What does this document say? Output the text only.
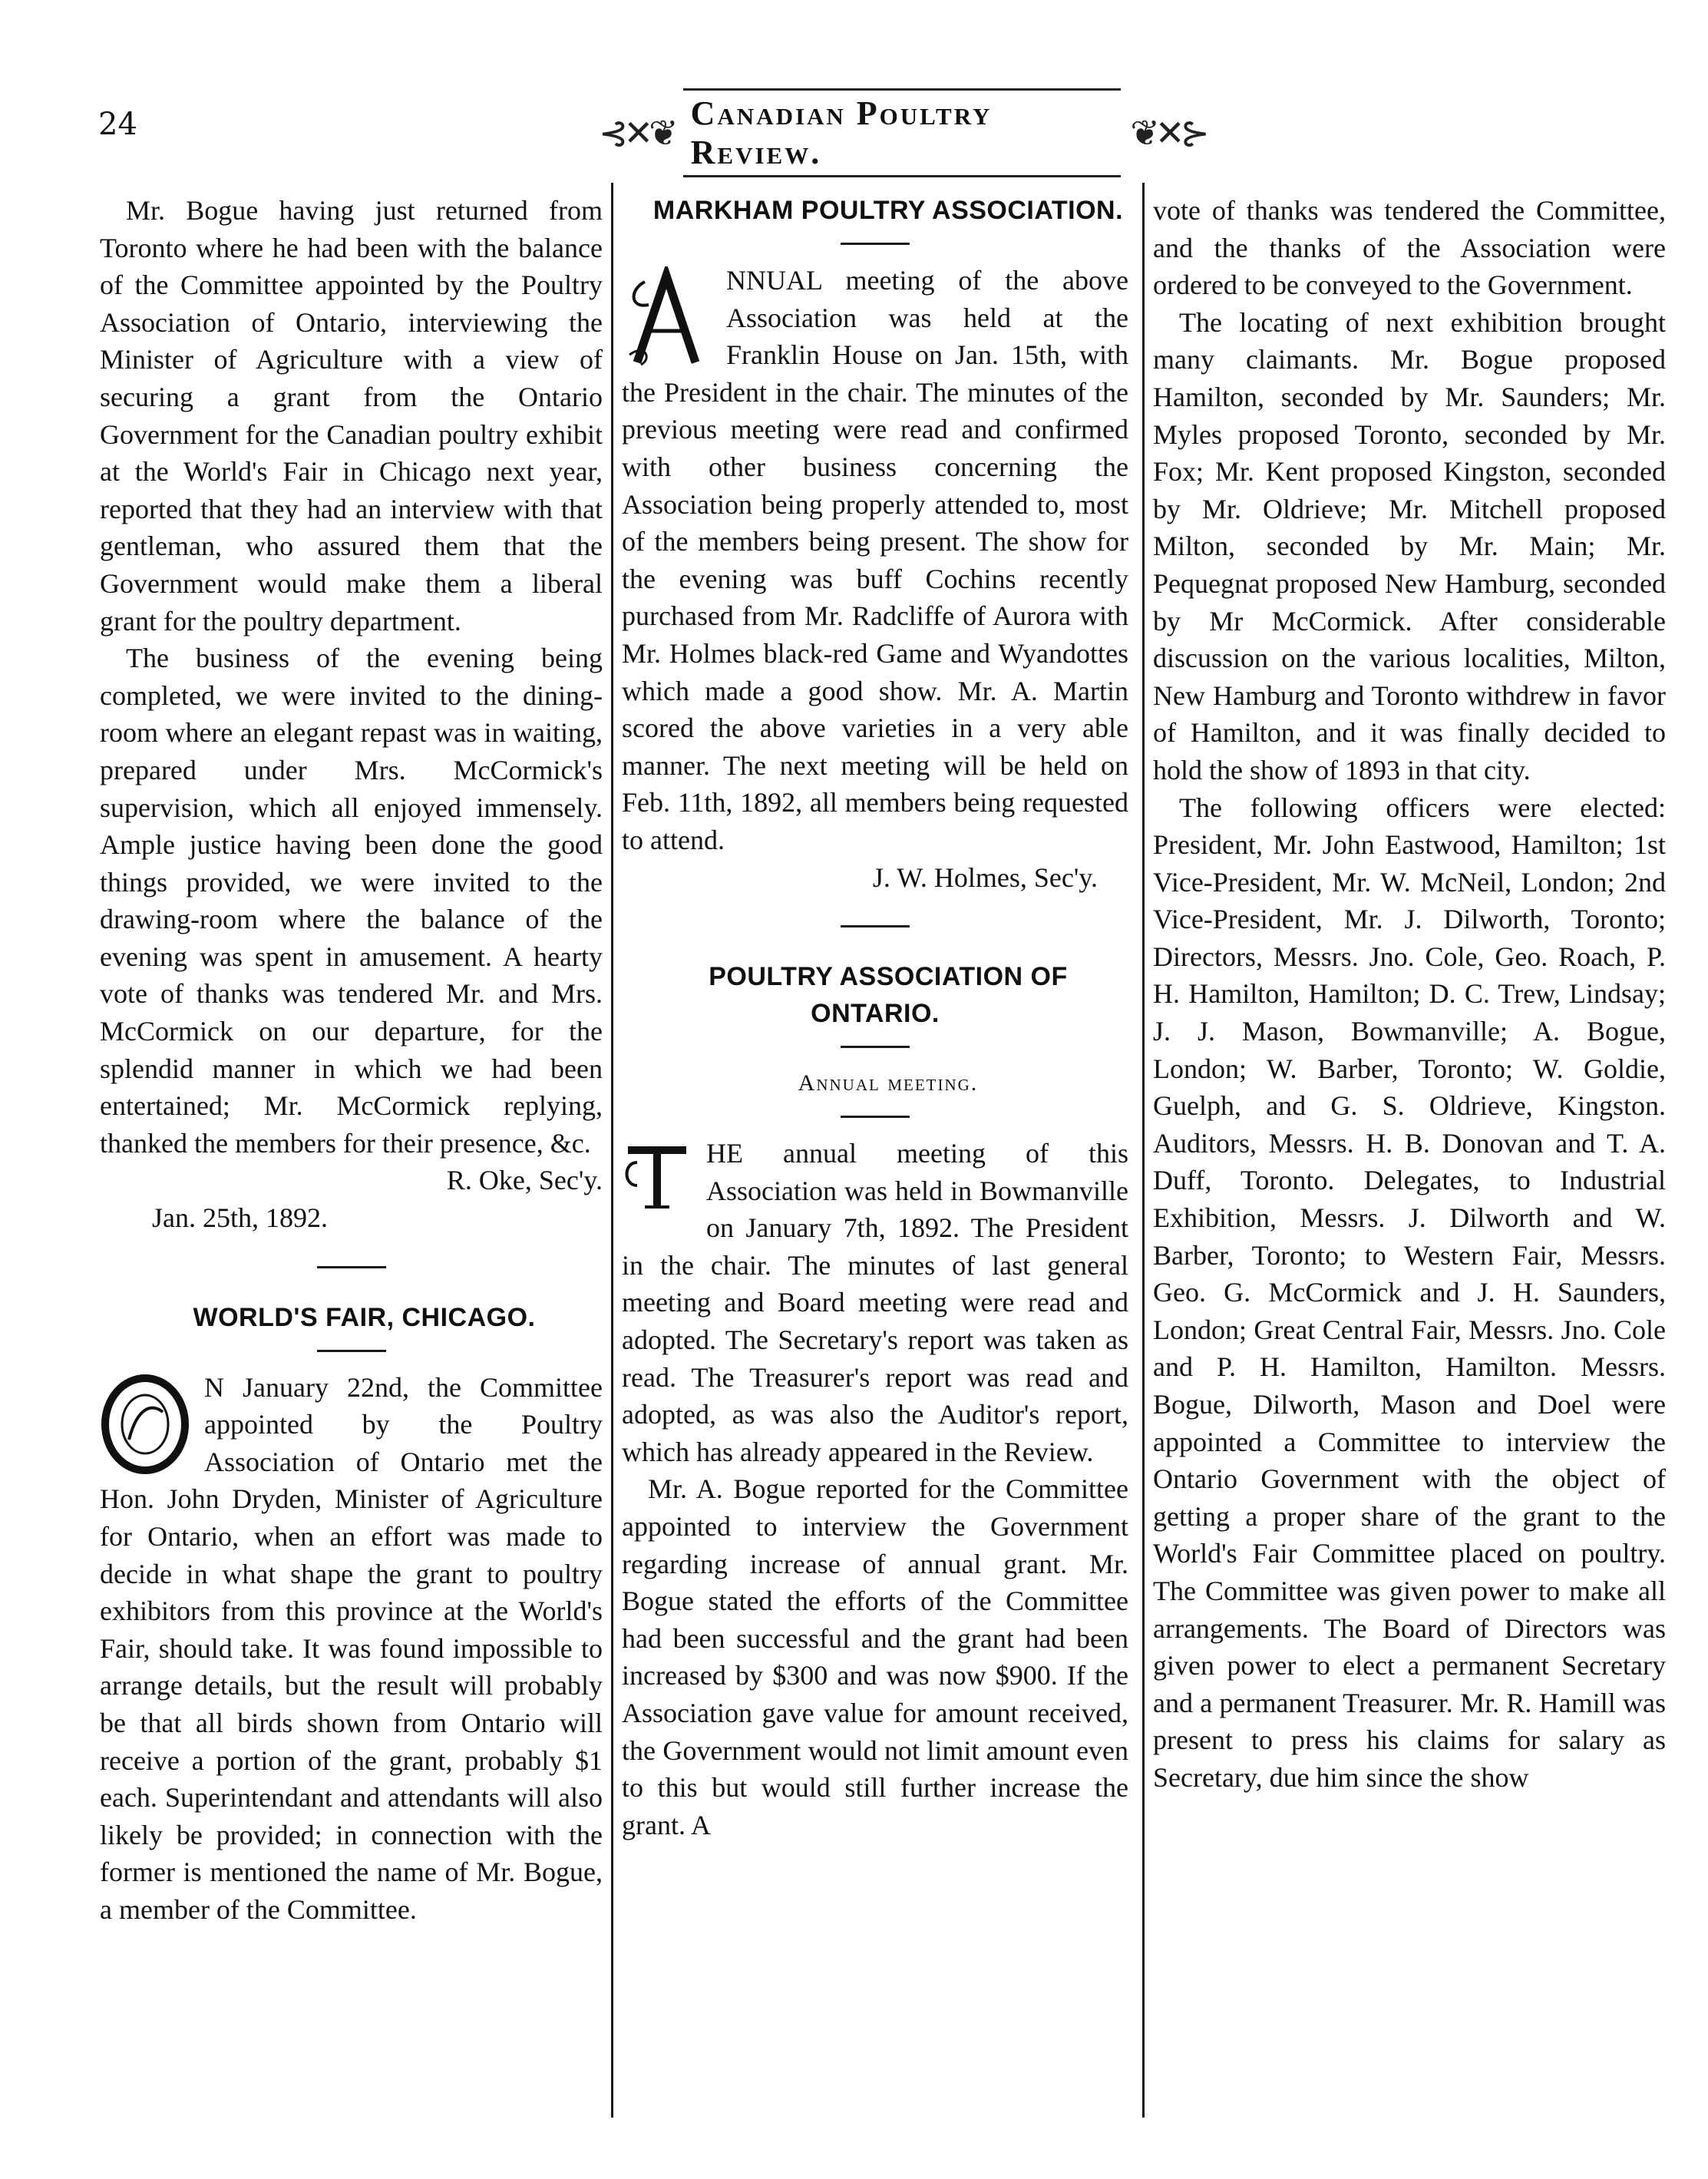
24	⊰✕❦ Canadian Poultry Review.	❦✕⊱

Mr. Bogue having just returned from Toronto where he had been with the balance of the Committee appointed by the Poultry Association of Ontario, interviewing the Minister of Agriculture with a view of securing a grant from the Ontario Government for the Canadian poultry exhibit at the World's Fair in Chicago next year, reported that they had an interview with that gentleman, who assured them that the Government would make them a liberal grant for the poultry department.

The business of the evening being completed, we were invited to the dining-room where an elegant repast was in waiting, prepared under Mrs. McCormick's supervision, which all enjoyed immensely. Ample justice having been done the good things provided, we were invited to the drawing-room where the balance of the evening was spent in amusement. A hearty vote of thanks was tendered Mr. and Mrs. McCormick on our departure, for the splendid manner in which we had been entertained; Mr. McCormick replying, thanked the members for their presence, &c.

R. Oke, Sec'y.

Jan. 25th, 1892.

WORLD'S FAIR, CHICAGO.

N January 22nd, the Committee appointed by the Poultry Association of Ontario met the Hon. John Dryden, Minister of Agriculture for Ontario, when an effort was made to decide in what shape the grant to poultry exhibitors from this province at the World's Fair, should take. It was found impossible to arrange details, but the result will probably be that all birds shown from Ontario will receive a portion of the grant, probably $1 each. Superintendant and attendants will also likely be provided; in connection with the former is mentioned the name of Mr. Bogue, a member of the Committee.

MARKHAM POULTRY ASSOCIATION.

NNUAL meeting of the above Association was held at the Franklin House on Jan. 15th, with the President in the chair. The minutes of the previous meeting were read and confirmed with other business concerning the Association being properly attended to, most of the members being present. The show for the evening was buff Cochins recently purchased from Mr. Radcliffe of Aurora with Mr. Holmes black-red Game and Wyandottes which made a good show. Mr. A. Martin scored the above varieties in a very able manner. The next meeting will be held on Feb. 11th, 1892, all members being requested to attend.

J. W. Holmes, Sec'y.

POULTRY ASSOCIATION OF ONTARIO.

Annual meeting.

HE annual meeting of this Association was held in Bowmanville on January 7th, 1892. The President in the chair. The minutes of last general meeting and Board meeting were read and adopted. The Secretary's report was taken as read. The Treasurer's report was read and adopted, as was also the Auditor's report, which has already appeared in the Review.

Mr. A. Bogue reported for the Committee appointed to interview the Government regarding increase of annual grant. Mr. Bogue stated the efforts of the Committee had been successful and the grant had been increased by $300 and was now $900. If the Association gave value for amount received, the Government would not limit amount even to this but would still further increase the grant. A

vote of thanks was tendered the Committee, and the thanks of the Association were ordered to be conveyed to the Government.

The locating of next exhibition brought many claimants. Mr. Bogue proposed Hamilton, seconded by Mr. Saunders; Mr. Myles proposed Toronto, seconded by Mr. Fox; Mr. Kent proposed Kingston, seconded by Mr. Oldrieve; Mr. Mitchell proposed Milton, seconded by Mr. Main; Mr. Pequegnat proposed New Hamburg, seconded by Mr McCormick. After considerable discussion on the various localities, Milton, New Hamburg and Toronto withdrew in favor of Hamilton, and it was finally decided to hold the show of 1893 in that city.

The following officers were elected: President, Mr. John Eastwood, Hamilton; 1st Vice-President, Mr. W. McNeil, London; 2nd Vice-President, Mr. J. Dilworth, Toronto; Directors, Messrs. Jno. Cole, Geo. Roach, P. H. Hamilton, Hamilton; D. C. Trew, Lindsay; J. J. Mason, Bowmanville; A. Bogue, London; W. Barber, Toronto; W. Goldie, Guelph, and G. S. Oldrieve, Kingston. Auditors, Messrs. H. B. Donovan and T. A. Duff, Toronto. Delegates, to Industrial Exhibition, Messrs. J. Dilworth and W. Barber, Toronto; to Western Fair, Messrs. Geo. G. McCormick and J. H. Saunders, London; Great Central Fair, Messrs. Jno. Cole and P. H. Hamilton, Hamilton. Messrs. Bogue, Dilworth, Mason and Doel were appointed a Committee to interview the Ontario Government with the object of getting a proper share of the grant to the World's Fair Committee placed on poultry. The Committee was given power to make all arrangements. The Board of Directors was given power to elect a permanent Secretary and a permanent Treasurer. Mr. R. Hamill was present to press his claims for salary as Secretary, due him since the show
